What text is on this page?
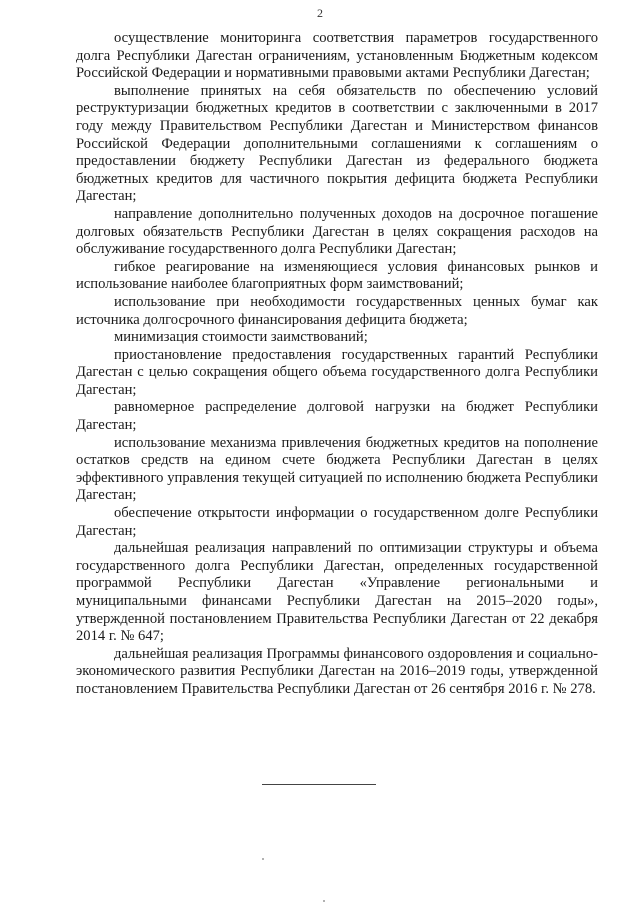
2

осуществление мониторинга соответствия параметров государственного долга Республики Дагестан ограничениям, установленным Бюджетным кодексом Российской Федерации и нормативными правовыми актами Республики Дагестан;

выполнение принятых на себя обязательств по обеспечению условий реструктуризации бюджетных кредитов в соответствии с заключенными в 2017 году между Правительством Республики Дагестан и Министерством финансов Российской Федерации дополнительными соглашениями к соглашениям о предоставлении бюджету Республики Дагестан из федерального бюджета бюджетных кредитов для частичного покрытия дефицита бюджета Республики Дагестан;

направление дополнительно полученных доходов на досрочное погашение долговых обязательств Республики Дагестан в целях сокращения расходов на обслуживание государственного долга Республики Дагестан;

гибкое реагирование на изменяющиеся условия финансовых рынков и использование наиболее благоприятных форм заимствований;

использование при необходимости государственных ценных бумаг как источника долгосрочного финансирования дефицита бюджета;

минимизация стоимости заимствований;

приостановление предоставления государственных гарантий Республики Дагестан с целью сокращения общего объема государственного долга Республики Дагестан;

равномерное распределение долговой нагрузки на бюджет Республики Дагестан;

использование механизма привлечения бюджетных кредитов на пополнение остатков средств на едином счете бюджета Республики Дагестан в целях эффективного управления текущей ситуацией по исполнению бюджета Республики Дагестан;

обеспечение открытости информации о государственном долге Республики Дагестан;

дальнейшая реализация направлений по оптимизации структуры и объема государственного долга Республики Дагестан, определенных государственной программой Республики Дагестан «Управление региональными и муниципальными финансами Республики Дагестан на 2015–2020 годы», утвержденной постановлением Правительства Республики Дагестан от 22 декабря 2014 г. № 647;

дальнейшая реализация Программы финансового оздоровления и социально-экономического развития Республики Дагестан на 2016–2019 годы, утвержденной постановлением Правительства Республики Дагестан от 26 сентября 2016 г. № 278.
